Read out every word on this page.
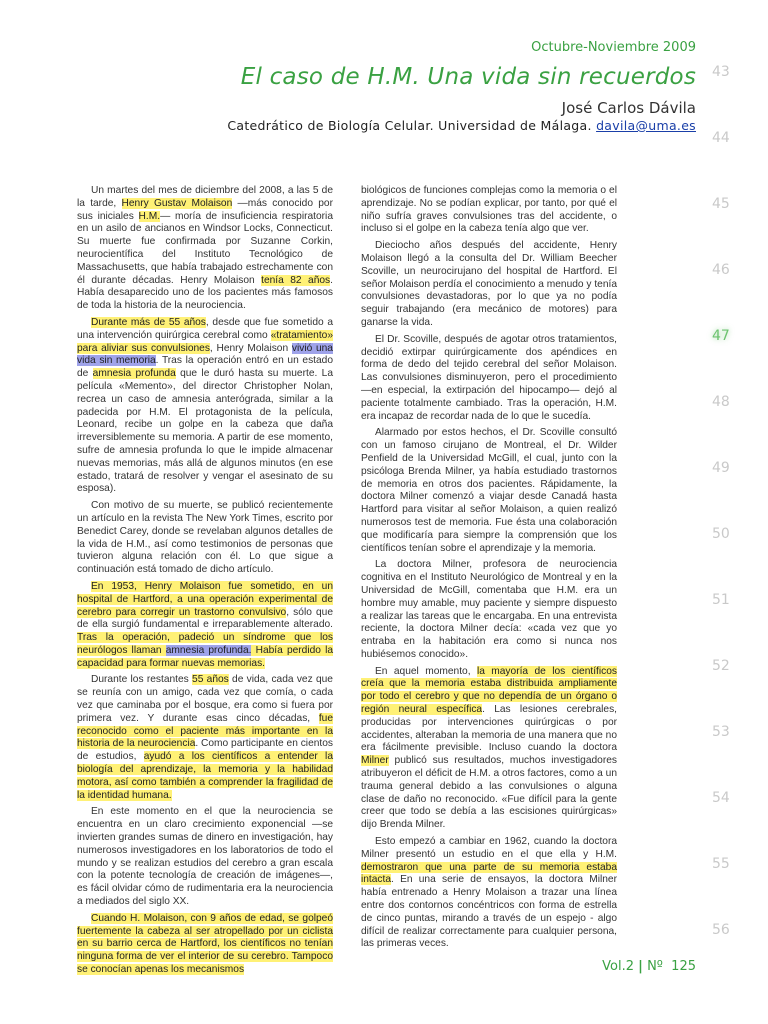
Octubre-Noviembre 2009
El caso de H.M. Una vida sin recuerdos
José Carlos Dávila
Catedrático de Biología Celular. Universidad de Málaga. davila@uma.es
43
44
45
46
47
48
49
50
51
52
53
54
55
56

Un martes del mes de diciembre del 2008, a las 5 de la tarde, Henry Gustav Molaison —más conocido por sus iniciales H.M.— moría de insuficiencia respiratoria en un asilo de ancianos en Windsor Locks, Connecticut. Su muerte fue confirmada por Suzanne Corkin, neurocientífica del Instituto Tecnológico de Massachusetts, que había trabajado estrechamente con él durante décadas. Henry Molaison tenía 82 años. Había desaparecido uno de los pacientes más famosos de toda la historia de la neurociencia.

Durante más de 55 años, desde que fue sometido a una intervención quirúrgica cerebral como «tratamiento» para aliviar sus convulsiones, Henry Molaison vivió una vida sin memoria. Tras la operación entró en un estado de amnesia profunda que le duró hasta su muerte. La película «Memento», del director Christopher Nolan, recrea un caso de amnesia anterógrada, similar a la padecida por H.M. El protagonista de la película, Leonard, recibe un golpe en la cabeza que daña irreversiblemente su memoria. A partir de ese momento, sufre de amnesia profunda lo que le impide almacenar nuevas memorias, más allá de algunos minutos (en ese estado, tratará de resolver y vengar el asesinato de su esposa).

Con motivo de su muerte, se publicó recientemente un artículo en la revista The New York Times, escrito por Benedict Carey, donde se revelaban algunos detalles de la vida de H.M., así como testimonios de personas que tuvieron alguna relación con él. Lo que sigue a continuación está tomado de dicho artículo.

En 1953, Henry Molaison fue sometido, en un hospital de Hartford, a una operación experimental de cerebro para corregir un trastorno convulsivo, sólo que de ella surgió fundamental e irreparablemente alterado. Tras la operación, padeció un síndrome que los neurólogos llaman amnesia profunda. Había perdido la capacidad para formar nuevas memorias.

Durante los restantes 55 años de vida, cada vez que se reunía con un amigo, cada vez que comía, o cada vez que caminaba por el bosque, era como si fuera por primera vez. Y durante esas cinco décadas, fue reconocido como el paciente más importante en la historia de la neurociencia. Como participante en cientos de estudios, ayudó a los científicos a entender la biología del aprendizaje, la memoria y la habilidad motora, así como también a comprender la fragilidad de la identidad humana.

En este momento en el que la neurociencia se encuentra en un claro crecimiento exponencial —se invierten grandes sumas de dinero en investigación, hay numerosos investigadores en los laboratorios de todo el mundo y se realizan estudios del cerebro a gran escala con la potente tecnología de creación de imágenes—, es fácil olvidar cómo de rudimentaria era la neurociencia a mediados del siglo XX.

Cuando H. Molaison, con 9 años de edad, se golpeó fuertemente la cabeza al ser atropellado por un ciclista en su barrio cerca de Hartford, los científicos no tenían ninguna forma de ver el interior de su cerebro. Tampoco se conocían apenas los mecanismos

biológicos de funciones complejas como la memoria o el aprendizaje. No se podían explicar, por tanto, por qué el niño sufría graves convulsiones tras del accidente, o incluso si el golpe en la cabeza tenía algo que ver.

Dieciocho años después del accidente, Henry Molaison llegó a la consulta del Dr. William Beecher Scoville, un neurocirujano del hospital de Hartford. El señor Molaison perdía el conocimiento a menudo y tenía convulsiones devastadoras, por lo que ya no podía seguir trabajando (era mecánico de motores) para ganarse la vida.

El Dr. Scoville, después de agotar otros tratamientos, decidió extirpar quirúrgicamente dos apéndices en forma de dedo del tejido cerebral del señor Molaison. Las convulsiones disminuyeron, pero el procedimiento —en especial, la extirpación del hipocampo— dejó al paciente totalmente cambiado. Tras la operación, H.M. era incapaz de recordar nada de lo que le sucedía.

Alarmado por estos hechos, el Dr. Scoville consultó con un famoso cirujano de Montreal, el Dr. Wilder Penfield de la Universidad McGill, el cual, junto con la psicóloga Brenda Milner, ya había estudiado trastornos de memoria en otros dos pacientes. Rápidamente, la doctora Milner comenzó a viajar desde Canadá hasta Hartford para visitar al señor Molaison, a quien realizó numerosos test de memoria. Fue ésta una colaboración que modificaría para siempre la comprensión que los científicos tenían sobre el aprendizaje y la memoria.

La doctora Milner, profesora de neurociencia cognitiva en el Instituto Neurológico de Montreal y en la Universidad de McGill, comentaba que H.M. era un hombre muy amable, muy paciente y siempre dispuesto a realizar las tareas que le encargaba. En una entrevista reciente, la doctora Milner decía: «cada vez que yo entraba en la habitación era como si nunca nos hubiésemos conocido».

En aquel momento, la mayoría de los científicos creía que la memoria estaba distribuida ampliamente por todo el cerebro y que no dependía de un órgano o región neural específica. Las lesiones cerebrales, producidas por intervenciones quirúrgicas o por accidentes, alteraban la memoria de una manera que no era fácilmente previsible. Incluso cuando la doctora Milner publicó sus resultados, muchos investigadores atribuyeron el déficit de H.M. a otros factores, como a un trauma general debido a las convulsiones o alguna clase de daño no reconocido. «Fue difícil para la gente creer que todo se debía a las escisiones quirúrgicas» dijo Brenda Milner.

Esto empezó a cambiar en 1962, cuando la doctora Milner presentó un estudio en el que ella y H.M. demostraron que una parte de su memoria estaba intacta. En una serie de ensayos, la doctora Milner había entrenado a Henry Molaison a trazar una línea entre dos contornos concéntricos con forma de estrella de cinco puntas, mirando a través de un espejo - algo difícil de realizar correctamente para cualquier persona, las primeras veces.

Vol.2 | Nº  125
